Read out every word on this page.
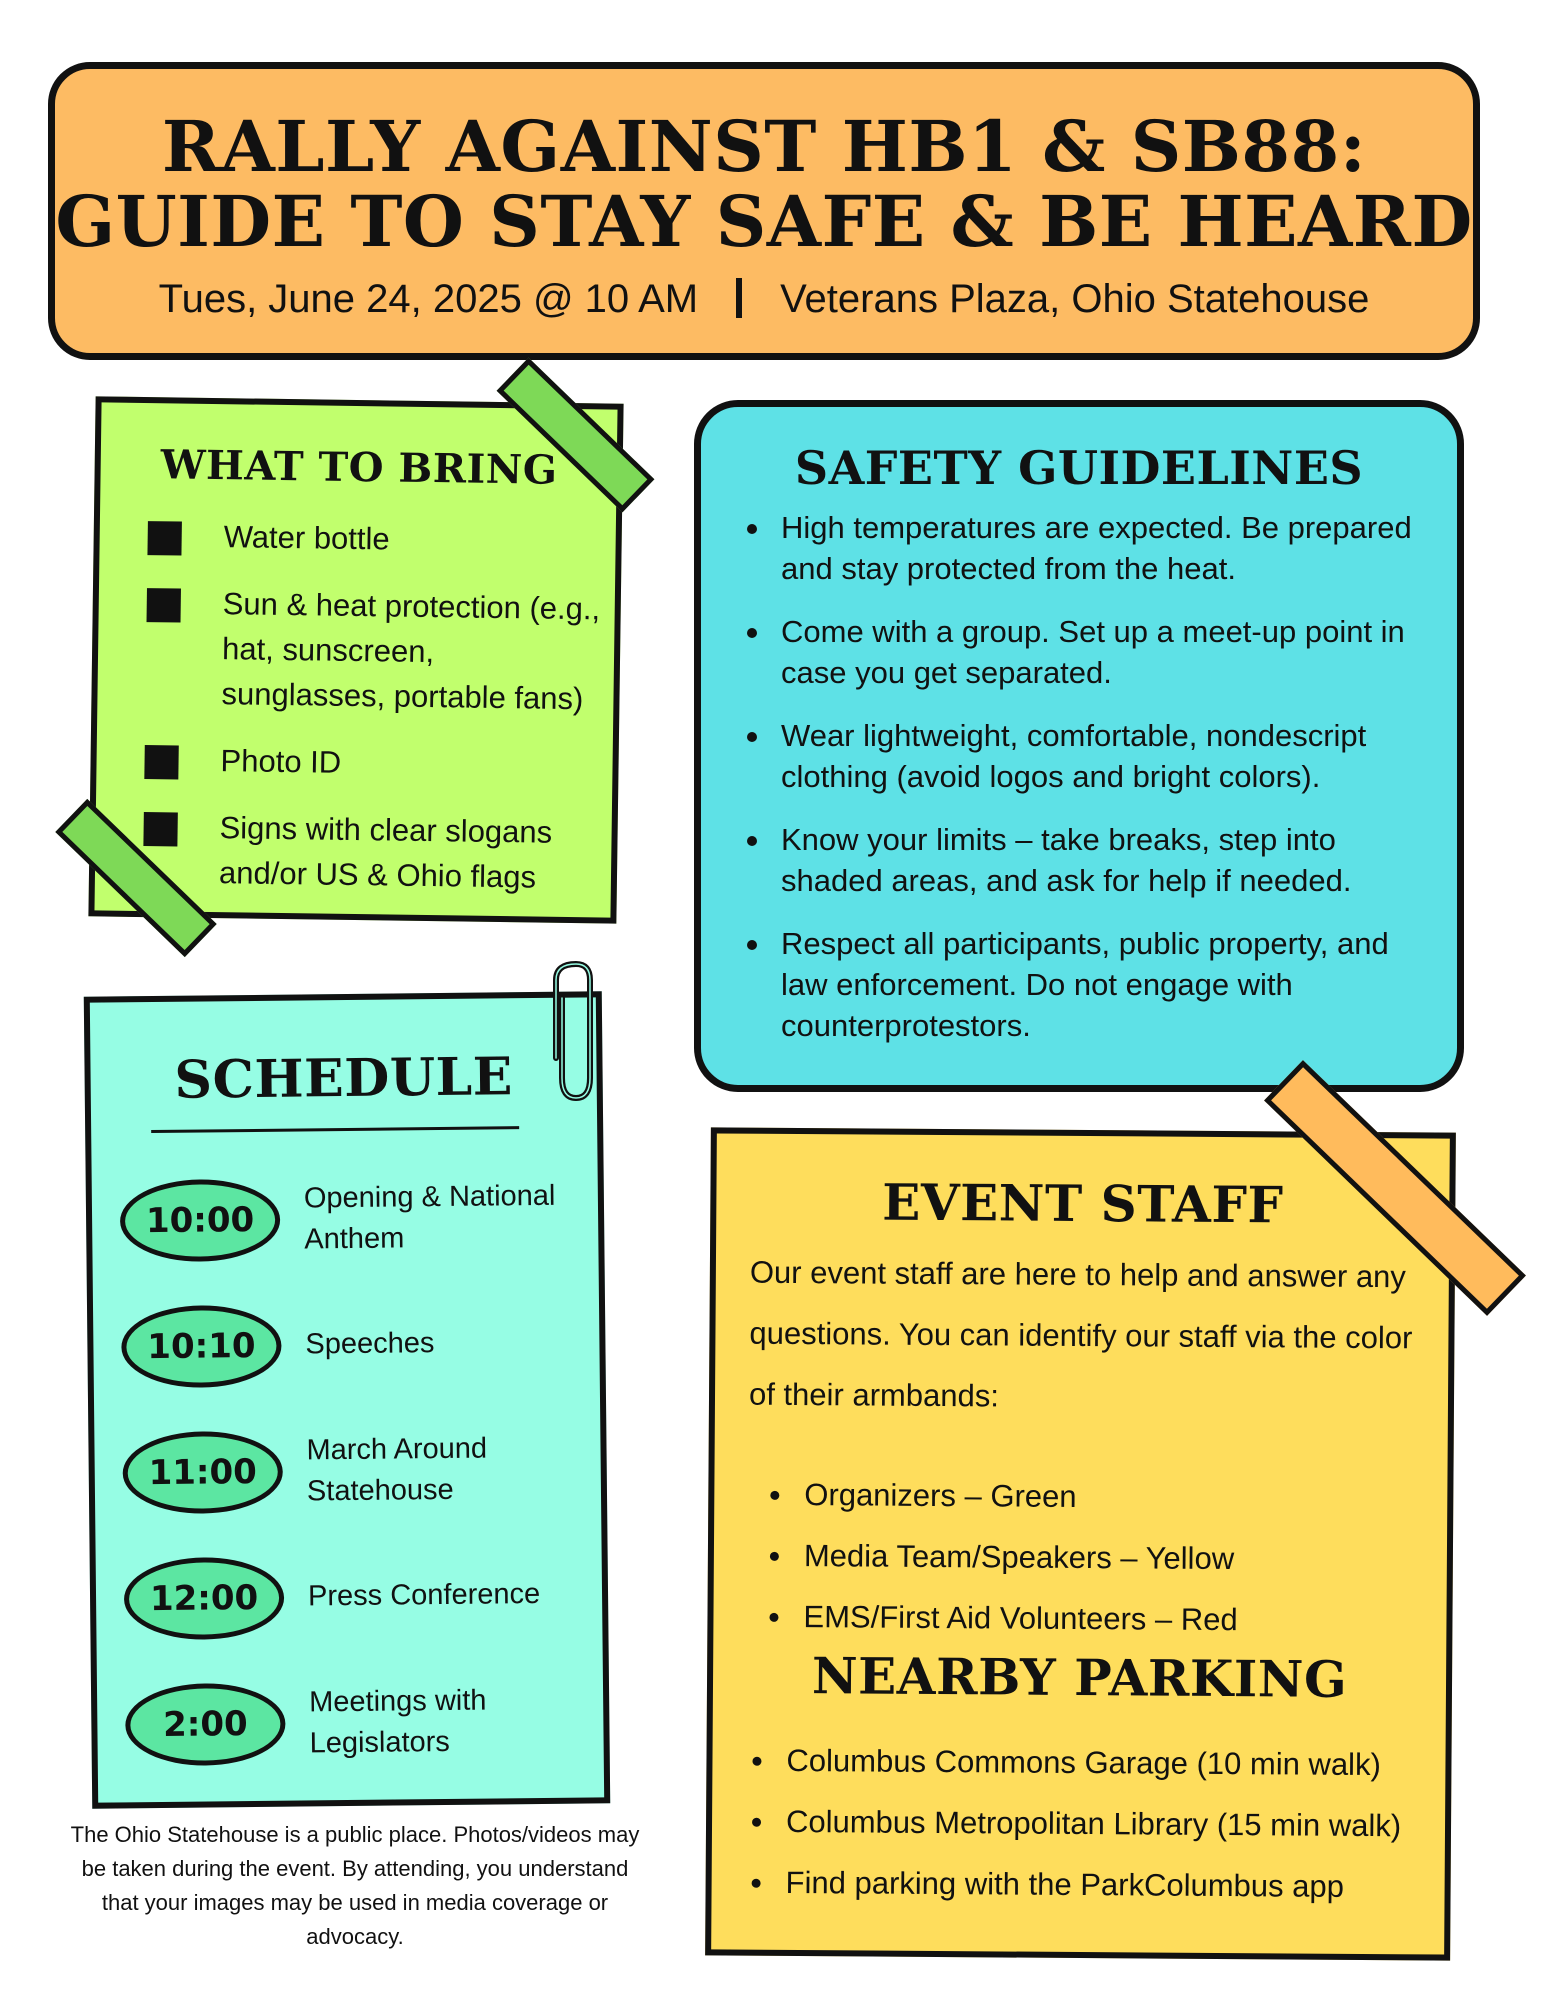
RALLY AGAINST HB1 & SB88:
GUIDE TO STAY SAFE & BE HEARD
Tues, June 24, 2025 @ 10 AM Veterans Plaza, Ohio Statehouse
WHAT TO BRING
Water bottle
Sun & heat protection (e.g., hat, sunscreen, sunglasses, portable fans)
Photo ID
Signs with clear slogans and/or US & Ohio flags
SAFETY GUIDELINES
High temperatures are expected. Be prepared and stay protected from the heat.
Come with a group. Set up a meet-up point in case you get separated.
Wear lightweight, comfortable, nondescript clothing (avoid logos and bright colors).
Know your limits – take breaks, step into shaded areas, and ask for help if needed.
Respect all participants, public property, and law enforcement. Do not engage with counterprotestors.
SCHEDULE
10:00
Opening & National Anthem
10:10	Speeches
11:00
March Around Statehouse
12:00	Press Conference
2:00
Meetings with Legislators
The Ohio Statehouse is a public place. Photos/videos may be taken during the event. By attending, you understand that your images may be used in media coverage or advocacy.
EVENT STAFF
Our event staff are here to help and answer any questions. You can identify our staff via the color of their armbands:
Organizers – Green
Media Team/Speakers – Yellow
EMS/First Aid Volunteers – Red
NEARBY PARKING
Columbus Commons Garage (10 min walk)
Columbus Metropolitan Library (15 min walk)
Find parking with the ParkColumbus app
